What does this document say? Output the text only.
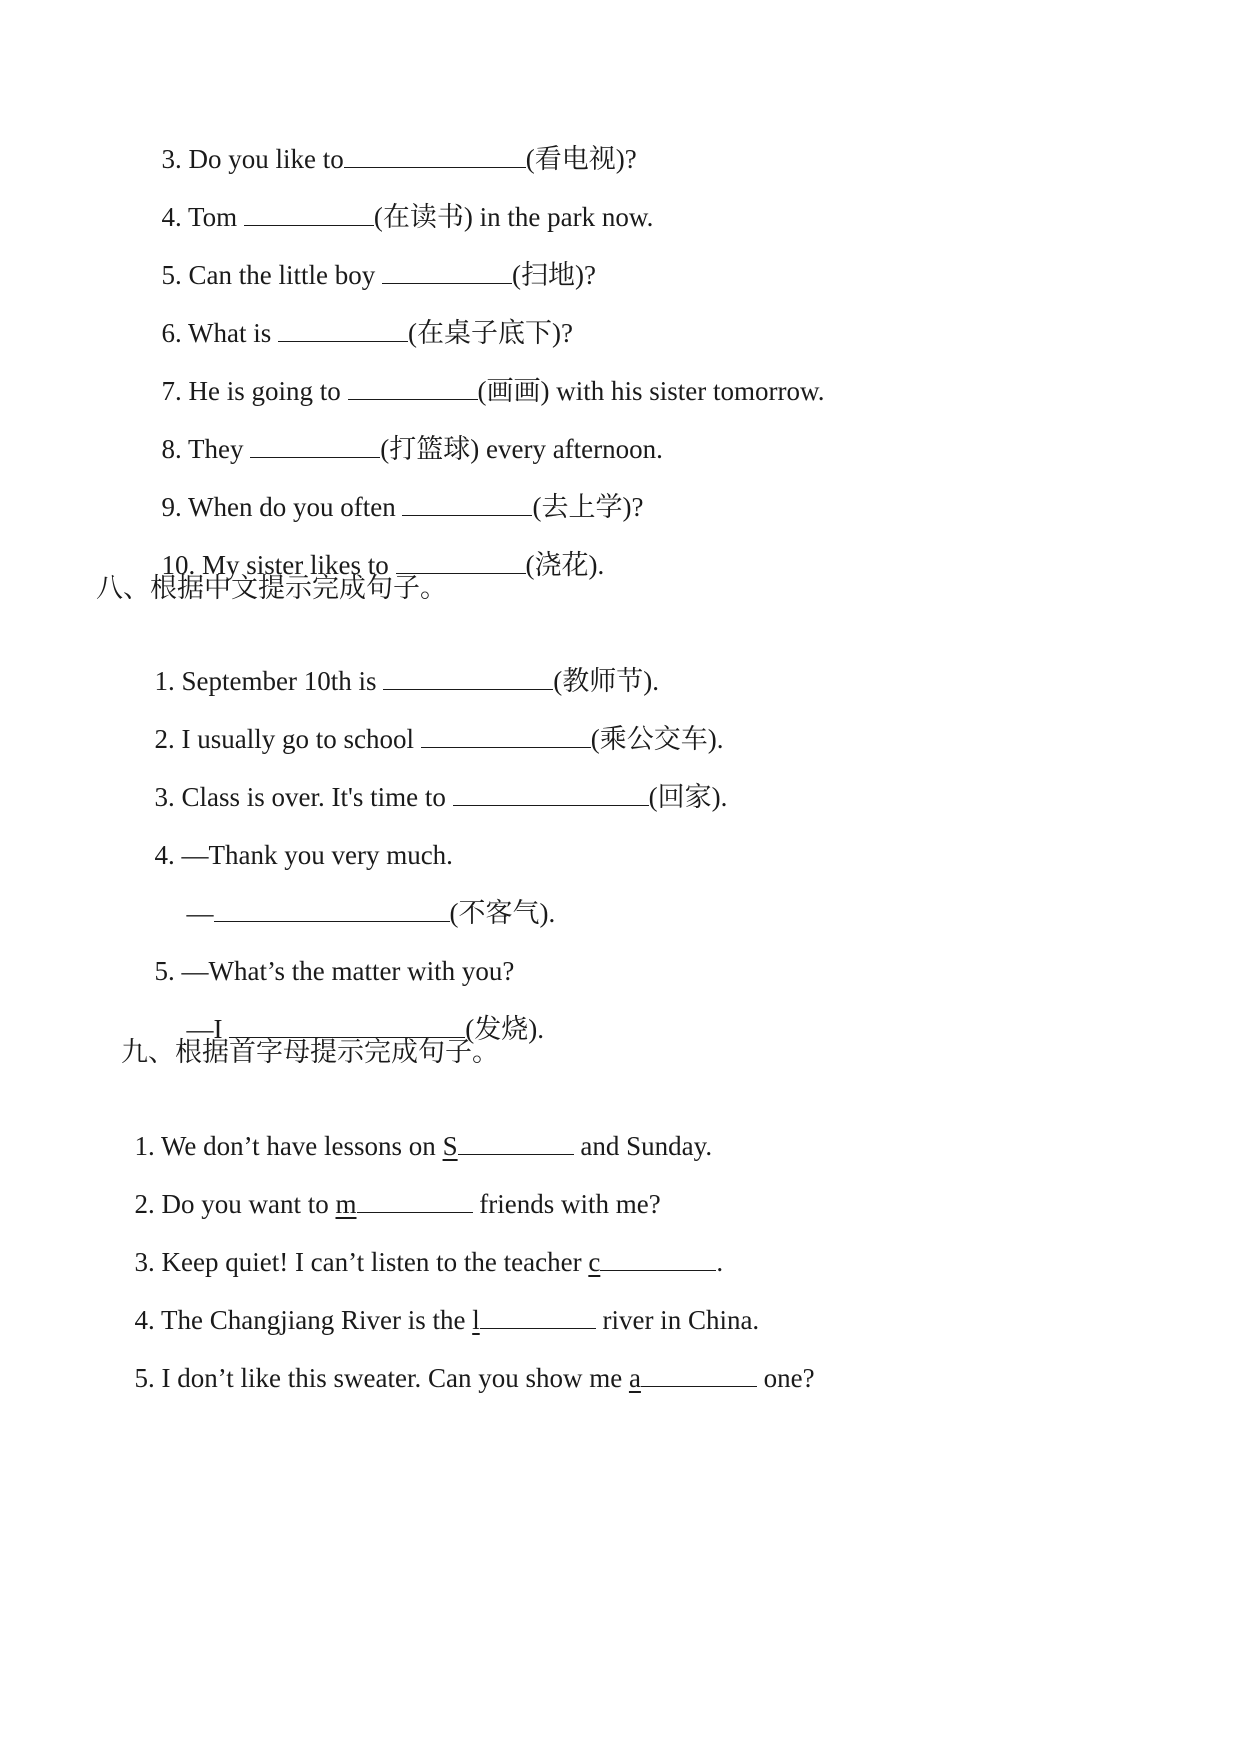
3. Do you like to	(看电视)?

4. Tom	(在读书) in the park now.

5. Can the little boy	(扫地)?

6. What is	(在桌子底下)?

7. He is going to	(画画) with his sister tomorrow.

8. They	(打篮球) every afternoon.

9. When do you often	(去上学)?

10. My sister likes to	(浇花).

八、根据中文提示完成句子。

1. September 10th is	(教师节).

2. I usually go to school	(乘公交车).

3. Class is over. It's time to	(回家).

4. —Thank you very much.

—	(不客气).

5. —What’s the matter with you?

—I	(发烧).

九、根据首字母提示完成句子。

1. We don’t have lessons on S	and Sunday.

2. Do you want to m	friends with me?

3. Keep quiet! I can’t listen to the teacher c	.

4. The Changjiang River is the l	river in China.

5. I don’t like this sweater. Can you show me a	one?
